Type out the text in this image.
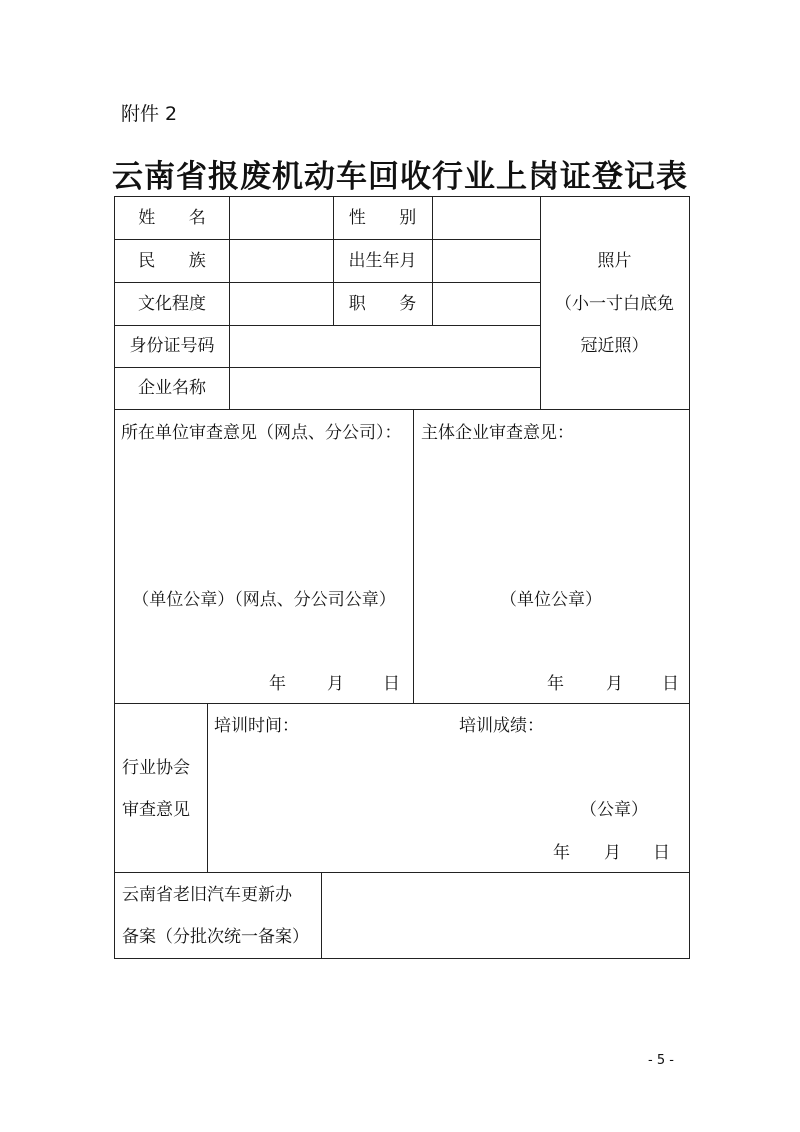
附件 2
云南省报废机动车回收行业上岗证登记表
姓 名	性 别
民 族	出生年月
文化程度	职 务
身份证号码
企业名称
照片
（小一寸白底免
冠近照）
所在单位审查意见（网点、分公司）： 主体企业审查意见：
（单位公章）（网点、分公司公章）	（单位公章）
年 月 日	年 月 日
行业协会
审查意见
培训时间：	培训成绩：
（公章）
年 月 日
云南省老旧汽车更新办
备案（分批次统一备案）
- 5 -
